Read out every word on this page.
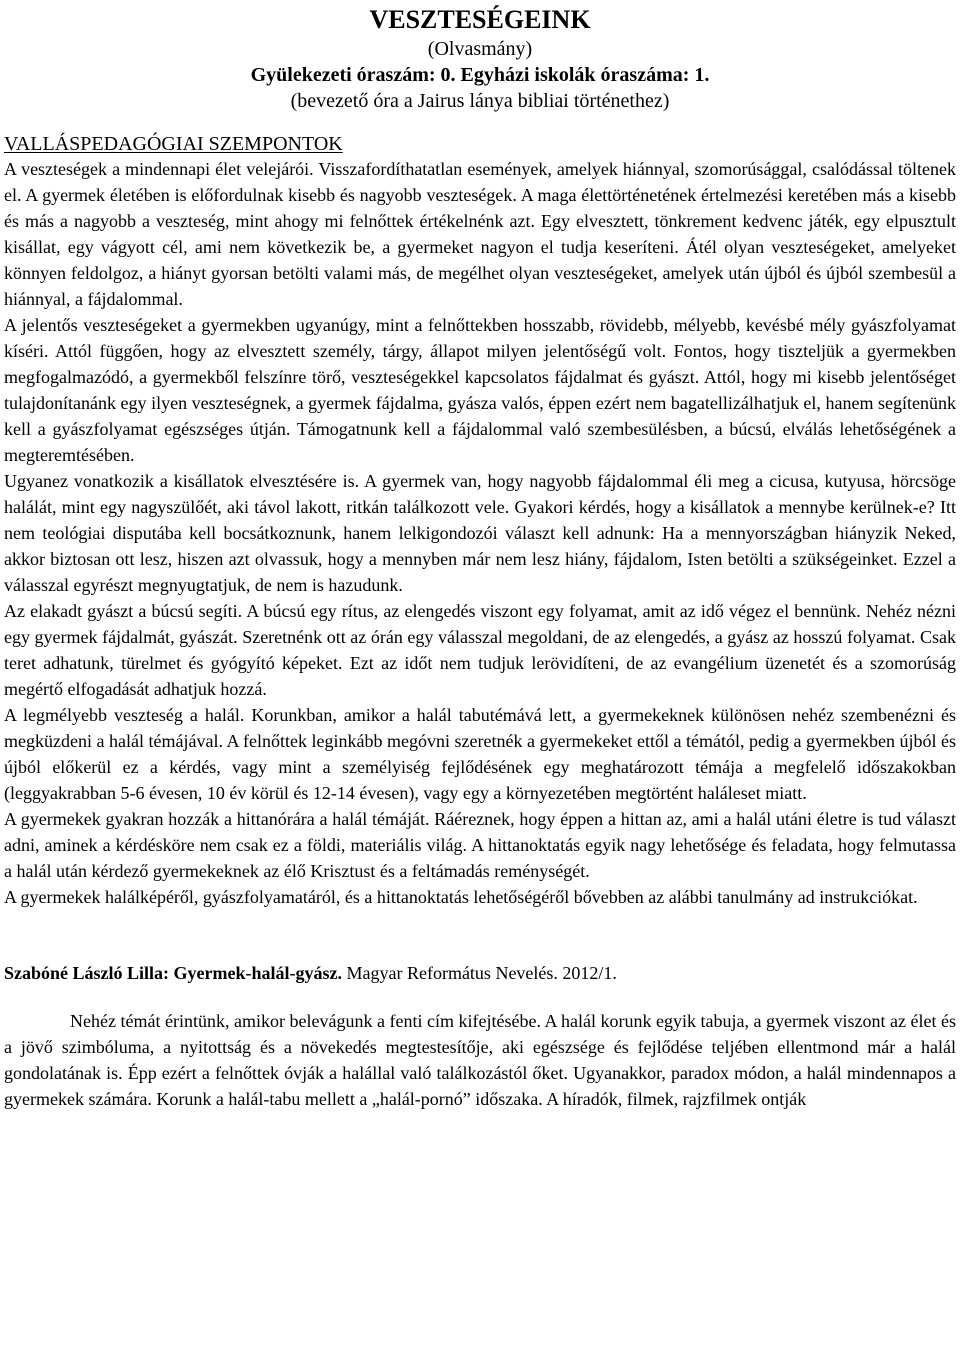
VESZTESÉGEINK
(Olvasmány)
Gyülekezeti óraszám: 0. Egyházi iskolák óraszáma: 1.
(bevezető óra a Jairus lánya bibliai történethez)
VALLÁSPEDAGÓGIAI SZEMPONTOK

A veszteségek a mindennapi élet velejárói. Visszafordíthatatlan események, amelyek hiánnyal, szomorúsággal, csalódással töltenek el. A gyermek életében is előfordulnak kisebb és nagyobb veszteségek. A maga élettörténetének értelmezési keretében más a kisebb és más a nagyobb a veszteség, mint ahogy mi felnőttek értékelnénk azt. Egy elvesztett, tönkrement kedvenc játék, egy elpusztult kisállat, egy vágyott cél, ami nem következik be, a gyermeket nagyon el tudja keseríteni. Átél olyan veszteségeket, amelyeket könnyen feldolgoz, a hiányt gyorsan betölti valami más, de megélhet olyan veszteségeket, amelyek után újból és újból szembesül a hiánnyal, a fájdalommal.

A jelentős veszteségeket a gyermekben ugyanúgy, mint a felnőttekben hosszabb, rövidebb, mélyebb, kevésbé mély gyászfolyamat kíséri. Attól függően, hogy az elvesztett személy, tárgy, állapot milyen jelentőségű volt. Fontos, hogy tiszteljük a gyermekben megfogalmazódó, a gyermekből felszínre törő, veszteségekkel kapcsolatos fájdalmat és gyászt. Attól, hogy mi kisebb jelentőséget tulajdonítanánk egy ilyen veszteségnek, a gyermek fájdalma, gyásza valós, éppen ezért nem bagatellizálhatjuk el, hanem segítenünk kell a gyászfolyamat egészséges útján. Támogatnunk kell a fájdalommal való szembesülésben, a búcsú, elválás lehetőségének a megteremtésében.

Ugyanez vonatkozik a kisállatok elvesztésére is. A gyermek van, hogy nagyobb fájdalommal éli meg a cicusa, kutyusa, hörcsöge halálát, mint egy nagyszülőét, aki távol lakott, ritkán találkozott vele. Gyakori kérdés, hogy a kisállatok a mennybe kerülnek-e? Itt nem teológiai disputába kell bocsátkoznunk, hanem lelkigondozói választ kell adnunk: Ha a mennyországban hiányzik Neked, akkor biztosan ott lesz, hiszen azt olvassuk, hogy a mennyben már nem lesz hiány, fájdalom, Isten betölti a szükségeinket. Ezzel a válasszal egyrészt megnyugtatjuk, de nem is hazudunk.

Az elakadt gyászt a búcsú segíti. A búcsú egy rítus, az elengedés viszont egy folyamat, amit az idő végez el bennünk. Nehéz nézni egy gyermek fájdalmát, gyászát. Szeretnénk ott az órán egy válasszal megoldani, de az elengedés, a gyász az hosszú folyamat. Csak teret adhatunk, türelmet és gyógyító képeket. Ezt az időt nem tudjuk lerövidíteni, de az evangélium üzenetét és a szomorúság megértő elfogadását adhatjuk hozzá.

A legmélyebb veszteség a halál. Korunkban, amikor a halál tabutémává lett, a gyermekeknek különösen nehéz szembenézni és megküzdeni a halál témájával. A felnőttek leginkább megóvni szeretnék a gyermekeket ettől a témától, pedig a gyermekben újból és újból előkerül ez a kérdés, vagy mint a személyiség fejlődésének egy meghatározott témája a megfelelő időszakokban (leggyakrabban 5-6 évesen, 10 év körül és 12-14 évesen), vagy egy a környezetében megtörtént haláleset miatt.

A gyermekek gyakran hozzák a hittanórára a halál témáját. Ráéreznek, hogy éppen a hittan az, ami a halál utáni életre is tud választ adni, aminek a kérdésköre nem csak ez a földi, materiális világ. A hittanoktatás egyik nagy lehetősége és feladata, hogy felmutassa a halál után kérdező gyermekeknek az élő Krisztust és a feltámadás reménységét.

A gyermekek halálképéről, gyászfolyamatáról, és a hittanoktatás lehetőségéről bővebben az alábbi tanulmány ad instrukciókat.

Szabóné László Lilla: Gyermek-halál-gyász. Magyar Református Nevelés. 2012/1.

Nehéz témát érintünk, amikor belevágunk a fenti cím kifejtésébe. A halál korunk egyik tabuja, a gyermek viszont az élet és a jövő szimbóluma, a nyitottság és a növekedés megtestesítője, aki egészsége és fejlődése teljében ellentmond már a halál gondolatának is. Épp ezért a felnőttek óvják a halállal való találkozástól őket. Ugyanakkor, paradox módon, a halál mindennapos a gyermekek számára. Korunk a halál-tabu mellett a „halál-pornó” időszaka. A híradók, filmek, rajzfilmek ontják
